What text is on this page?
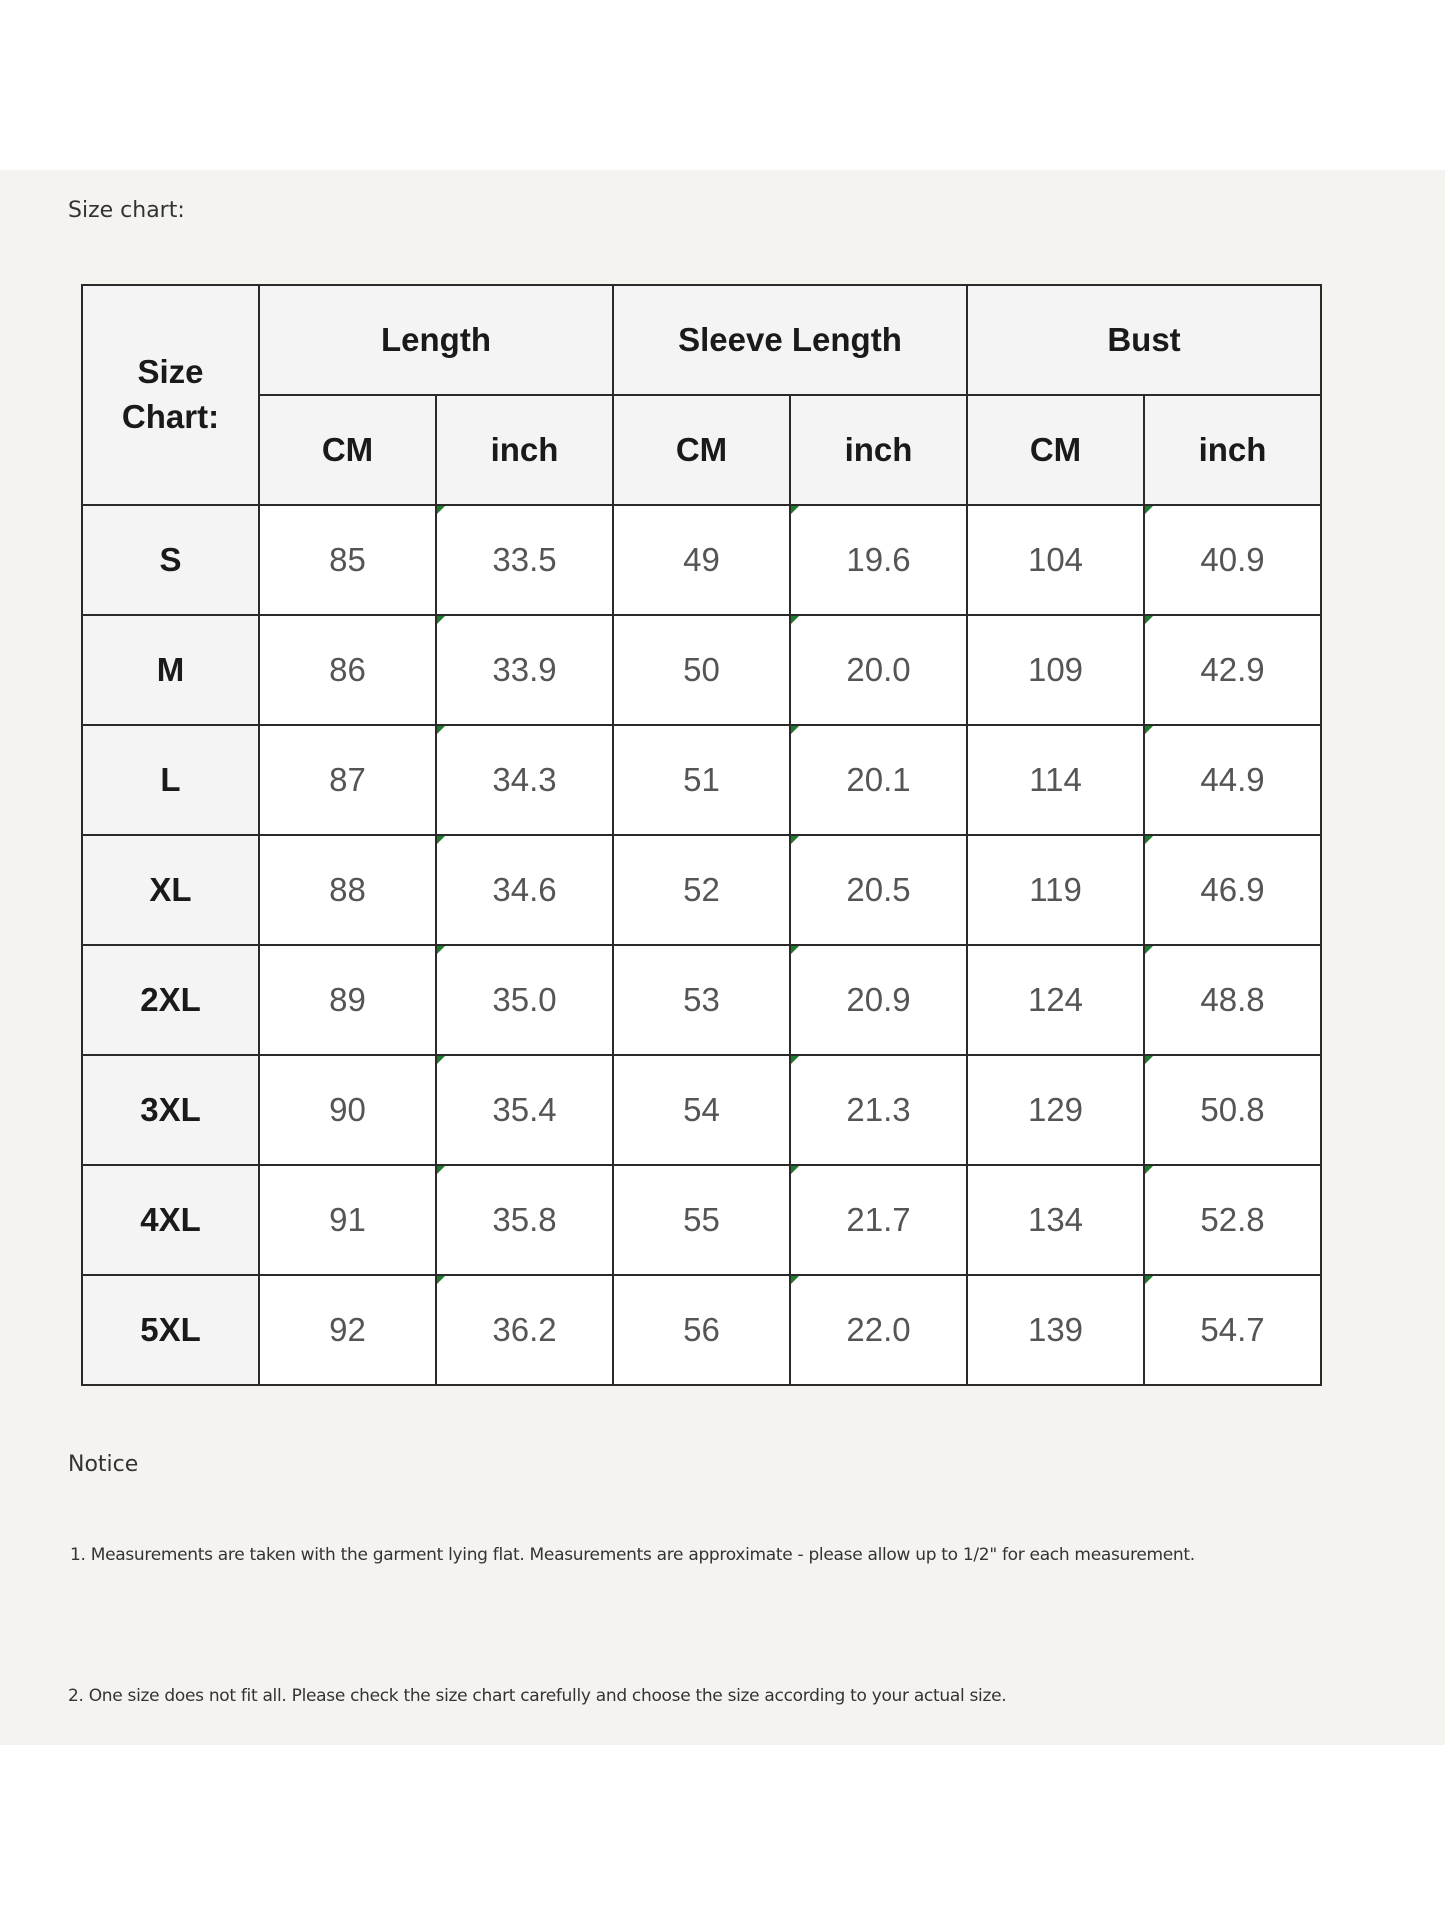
Size chart:
Size
Chart:	Length		Sleeve Length		Bust	
	CM	inch	CM	inch	CM	inch
S	85	33.5	49	19.6	104	40.9
M	86	33.9	50	20.0	109	42.9
L	87	34.3	51	20.1	114	44.9
XL	88	34.6	52	20.5	119	46.9
2XL	89	35.0	53	20.9	124	48.8
3XL	90	35.4	54	21.3	129	50.8
4XL	91	35.8	55	21.7	134	52.8
5XL	92	36.2	56	22.0	139	54.7
Notice
1. Measurements are taken with the garment lying flat. Measurements are approximate - please allow up to 1/2" for each measurement.
2. One size does not fit all. Please check the size chart carefully and choose the size according to your actual size.
